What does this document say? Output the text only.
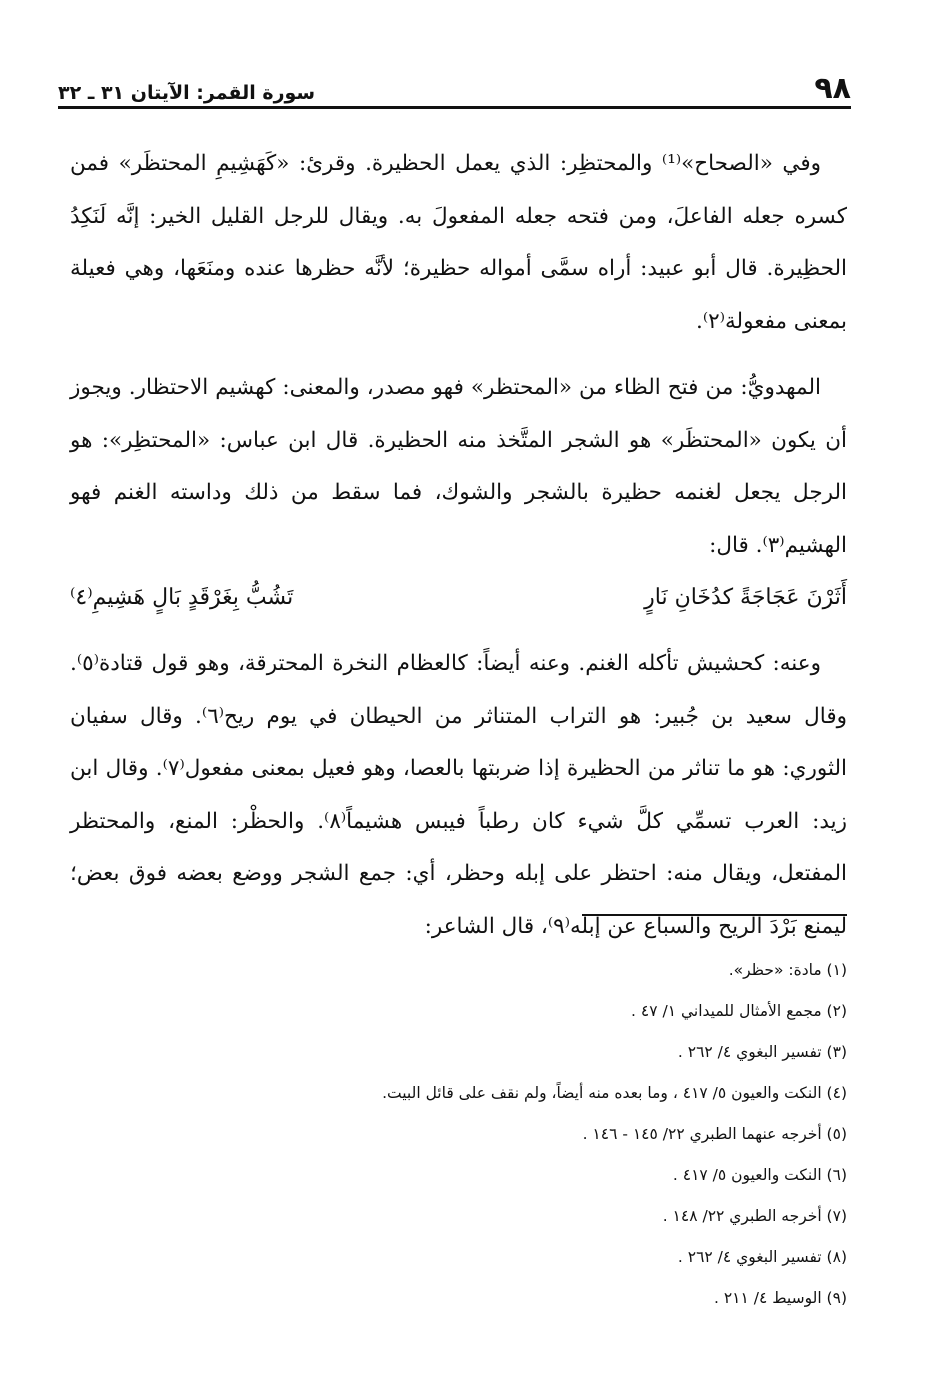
٩٨
سورة القمر: الآيتان ٣١ ـ ٣٢

وفي «الصحاح»⁽¹⁾ والمحتظِر: الذي يعمل الحظيرة. وقرئ: «كَهَشِيمِ المحتظَر» فمن كسره جعله الفاعلَ، ومن فتحه جعله المفعولَ به. ويقال للرجل القليل الخير: إنَّه لَنَكِدُ الحظِيرة. قال أبو عبيد: أراه سمَّى أمواله حظيرة؛ لأنَّه حظرها عنده ومنَعَها، وهي فعيلة بمعنى مفعولة⁽٢⁾.

المهدويُّ: من فتح الظاء من «المحتظر» فهو مصدر، والمعنى: كهشيم الاحتظار. ويجوز أن يكون «المحتظَر» هو الشجر المتَّخذ منه الحظيرة. قال ابن عباس: «المحتظِر»: هو الرجل يجعل لغنمه حظيرة بالشجر والشوك، فما سقط من ذلك وداسته الغنم فهو الهشيم⁽٣⁾. قال:

أَثَرْنَ عَجَاجَةً كدُخَانِ نَارٍ
تَشُبُّ بِغَرْقَدٍ بَالٍ هَشِيمِ⁽٤⁾

وعنه: كحشيش تأكله الغنم. وعنه أيضاً: كالعظام النخرة المحترقة، وهو قول قتادة⁽٥⁾. وقال سعيد بن جُبير: هو التراب المتناثر من الحيطان في يوم ريح⁽٦⁾. وقال سفيان الثوري: هو ما تناثر من الحظيرة إذا ضربتها بالعصا، وهو فعيل بمعنى مفعول⁽٧⁾. وقال ابن زيد: العرب تسمِّي كلَّ شيء كان رطباً فيبس هشيماً⁽٨⁾. والحظْر: المنع، والمحتظر المفتعل، ويقال منه: احتظر على إبله وحظر، أي: جمع الشجر ووضع بعضه فوق بعض؛ ليمنع بَرْدَ الريح والسباع عن إبله⁽٩⁾، قال الشاعر:

(١) مادة: «حظر».
(٢) مجمع الأمثال للميداني ١/ ٤٧ .
(٣) تفسير البغوي ٤/ ٢٦٢ .
(٤) النكت والعيون ٥/ ٤١٧ ، وما بعده منه أيضاً، ولم نقف على قائل البيت.
(٥) أخرجه عنهما الطبري ٢٢/ ١٤٥ - ١٤٦ .
(٦) النكت والعيون ٥/ ٤١٧ .
(٧) أخرجه الطبري ٢٢/ ١٤٨ .
(٨) تفسير البغوي ٤/ ٢٦٢ .
(٩) الوسيط ٤/ ٢١١ .
